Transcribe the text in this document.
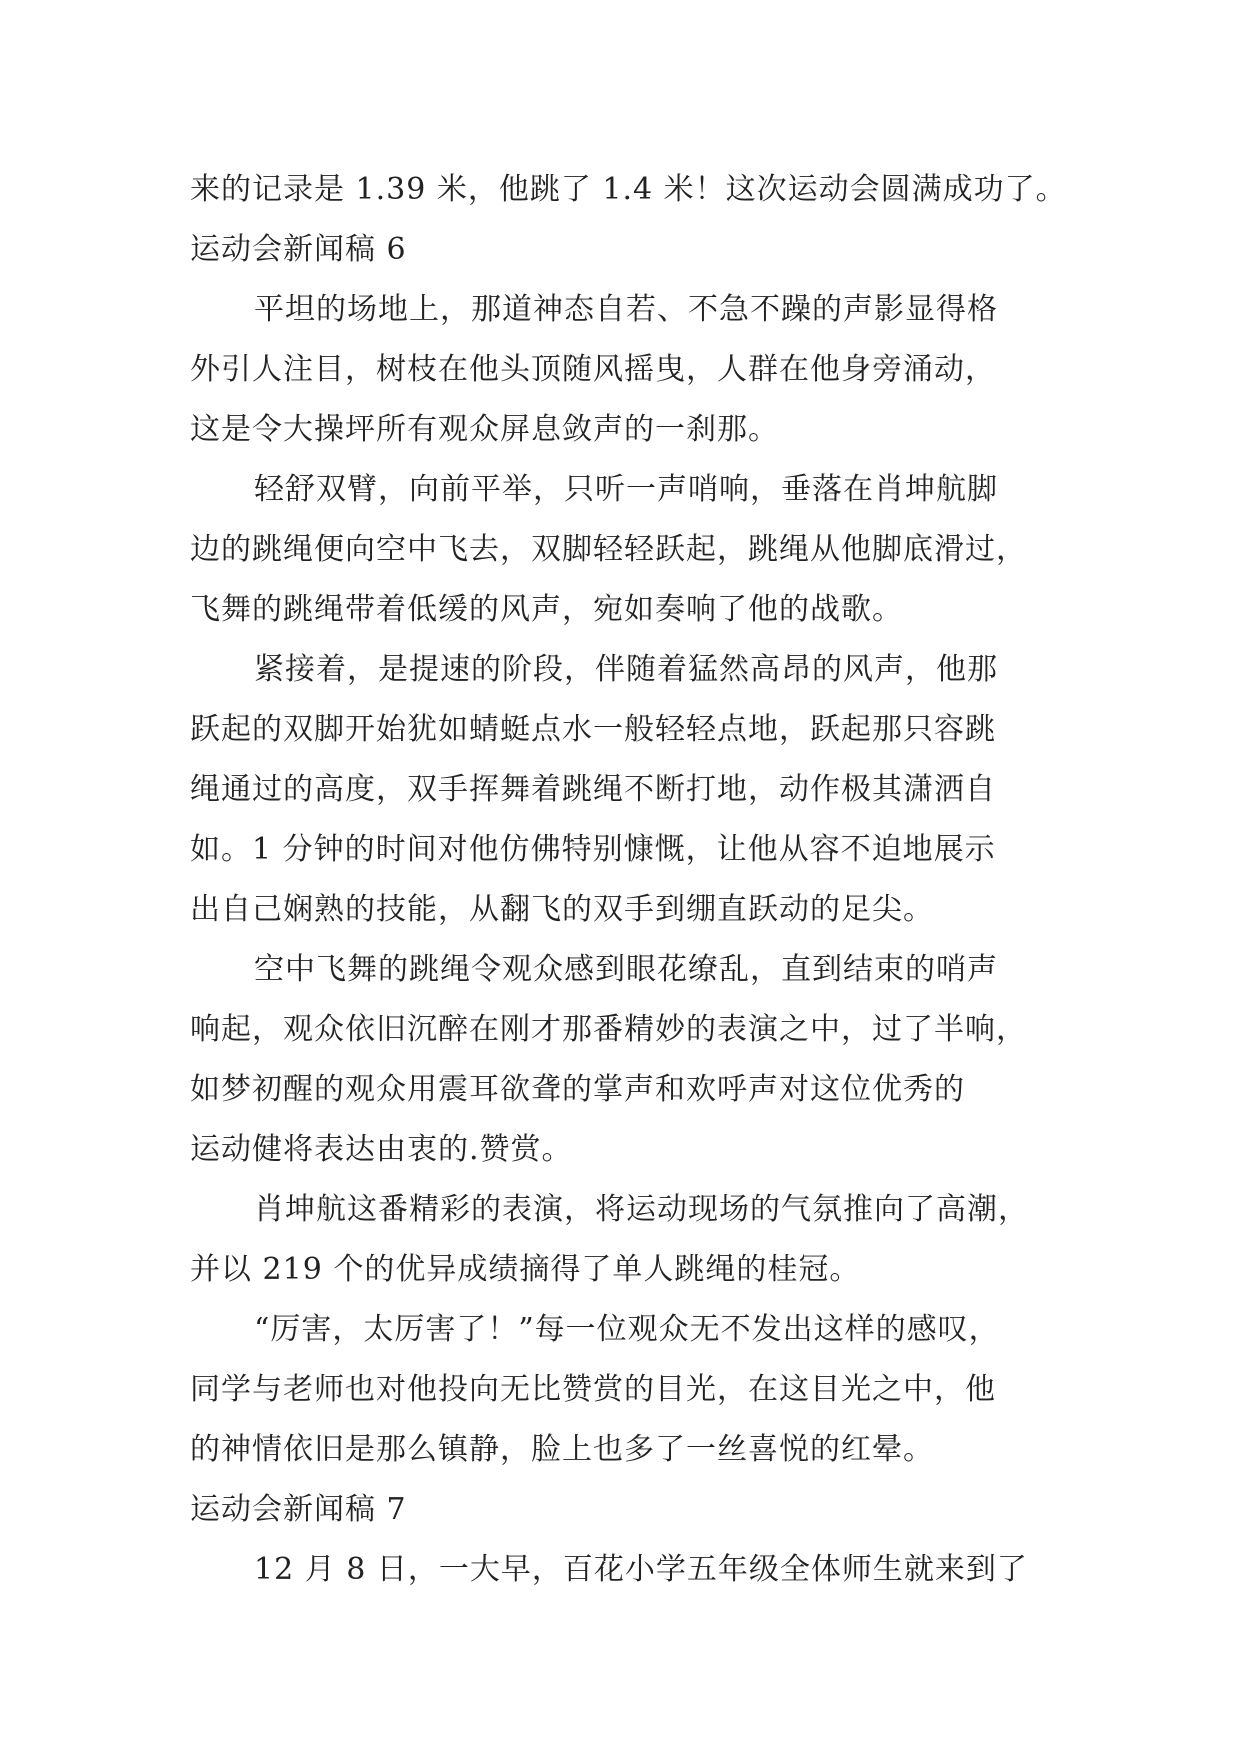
来的记录是 1.39 米，他跳了 1.4 米！这次运动会圆满成功了。
运动会新闻稿 6
平坦的场地上，那道神态自若、不急不躁的声影显得格
外引人注目，树枝在他头顶随风摇曳，人群在他身旁涌动，
这是令大操坪所有观众屏息敛声的一刹那。
轻舒双臂，向前平举，只听一声哨响，垂落在肖坤航脚
边的跳绳便向空中飞去，双脚轻轻跃起，跳绳从他脚底滑过，
飞舞的跳绳带着低缓的风声，宛如奏响了他的战歌。
紧接着，是提速的阶段，伴随着猛然高昂的风声，他那
跃起的双脚开始犹如蜻蜓点水一般轻轻点地，跃起那只容跳
绳通过的高度，双手挥舞着跳绳不断打地，动作极其潇洒自
如。1 分钟的时间对他仿佛特别慷慨，让他从容不迫地展示
出自己娴熟的技能，从翻飞的双手到绷直跃动的足尖。
空中飞舞的跳绳令观众感到眼花缭乱，直到结束的哨声
响起，观众依旧沉醉在刚才那番精妙的表演之中，过了半响，
如梦初醒的观众用震耳欲聋的掌声和欢呼声对这位优秀的
运动健将表达由衷的.赞赏。
肖坤航这番精彩的表演，将运动现场的气氛推向了高潮，
并以 219 个的优异成绩摘得了单人跳绳的桂冠。
“厉害，太厉害了！”每一位观众无不发出这样的感叹，
同学与老师也对他投向无比赞赏的目光，在这目光之中，他
的神情依旧是那么镇静，脸上也多了一丝喜悦的红晕。
运动会新闻稿 7
12 月 8 日，一大早，百花小学五年级全体师生就来到了
